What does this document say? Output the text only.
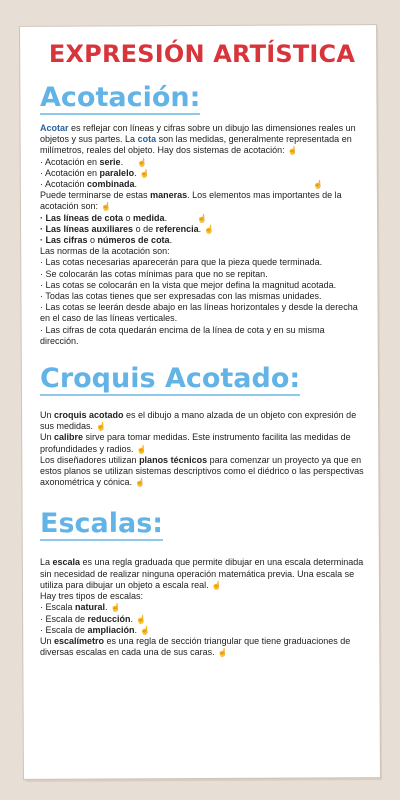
EXPRESIÓN ARTÍSTICA
Acotación:

Acotar es reflejar con líneas y cifras sobre un dibujo las dimensiones reales un objetos y sus partes. La cota son las medidas, generalmente representada en milímetros, reales del objeto. Hay dos sistemas de acotación: ☝

· Acotación en serie. ☝

· Acotación en paralelo. ☝

· Acotación combinada.	☝

Puede terminarse de estas maneras. Los elementos mas importantes de la acotación son: ☝

· Las líneas de cota o medida.	☝

· Las líneas auxiliares o de referencia. ☝

· Las cifras o números de cota.

Las normas de la acotación son:

· Las cotas necesarias aparecerán para que la pieza quede terminada.

· Se colocarán las cotas mínimas para que no se repitan.

· Las cotas se colocarán en la vista que mejor defina la magnitud acotada.

· Todas las cotas tienes que ser expresadas con las mismas unidades.

· Las cotas se leerán desde abajo en las líneas horizontales y desde la derecha en el caso de las líneas verticales.

· Las cifras de cota quedarán encima de la línea de cota y en su misma dirección.

Croquis Acotado:

Un croquis acotado es el dibujo a mano alzada de un objeto con expresión de sus medidas. ☝

Un calibre sirve para tomar medidas. Este instrumento facilita las medidas de profundidades y radios. ☝

Los diseñadores utilizan planos técnicos para comenzar un proyecto ya que en estos planos se utilizan sistemas descriptivos como el diédrico o las perspectivas axonométrica y cónica. ☝

Escalas:

La escala es una regla graduada que permite dibujar en una escala determinada sin necesidad de realizar ninguna operación matemática previa. Una escala se utiliza para dibujar un objeto a escala real. ☝

Hay tres tipos de escalas:

· Escala natural. ☝

· Escala de reducción. ☝

· Escala de ampliación. ☝

Un escalímetro es una regla de sección triangular que tiene graduaciones de diversas escalas en cada una de sus caras. ☝
